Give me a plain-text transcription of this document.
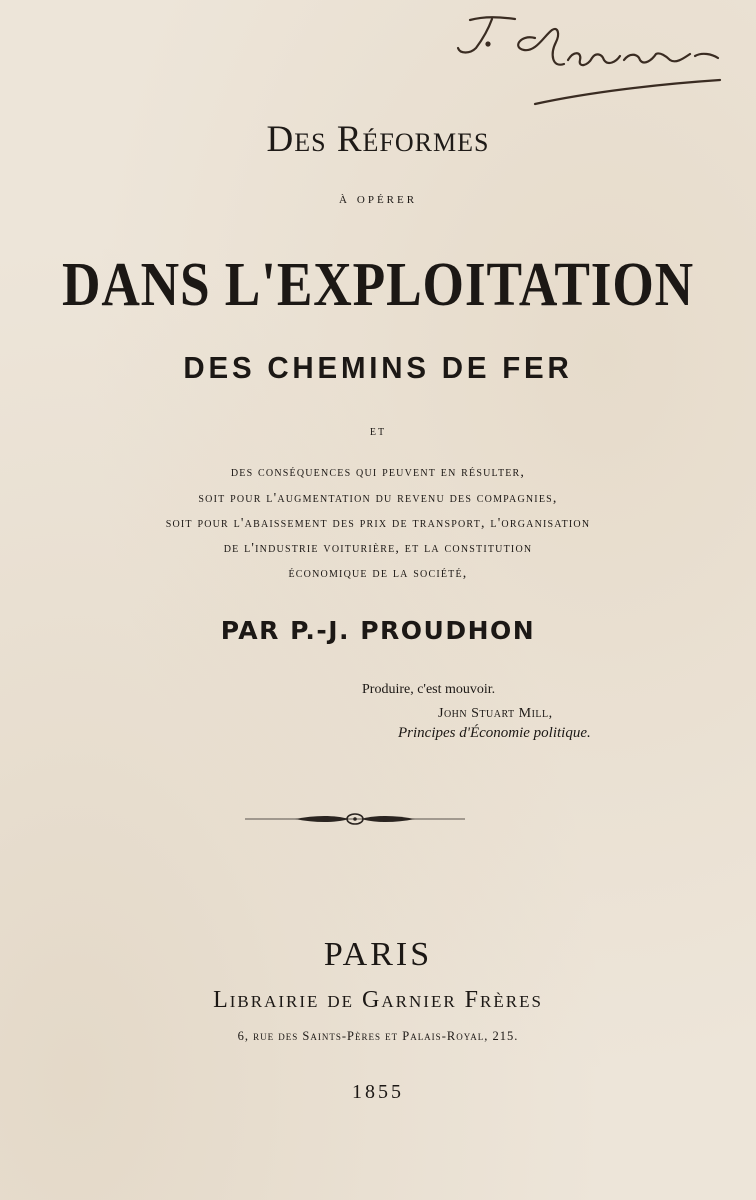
Des Réformes
à opérer
DANS L'EXPLOITATION
DES CHEMINS DE FER
ET
des conséquences qui peuvent en résulter,
soit pour l'augmentation du revenu des compagnies,
soit pour l'abaissement des prix de transport, l'organisation
de l'industrie voiturière, et la constitution
économique de la société,
PAR P.-J. PROUDHON
Produire, c'est mouvoir.
John Stuart Mill,
Principes d'Économie politique.
PARIS
Librairie de Garnier Frères
6, rue des Saints-Pères et Palais-Royal, 215.
1855
